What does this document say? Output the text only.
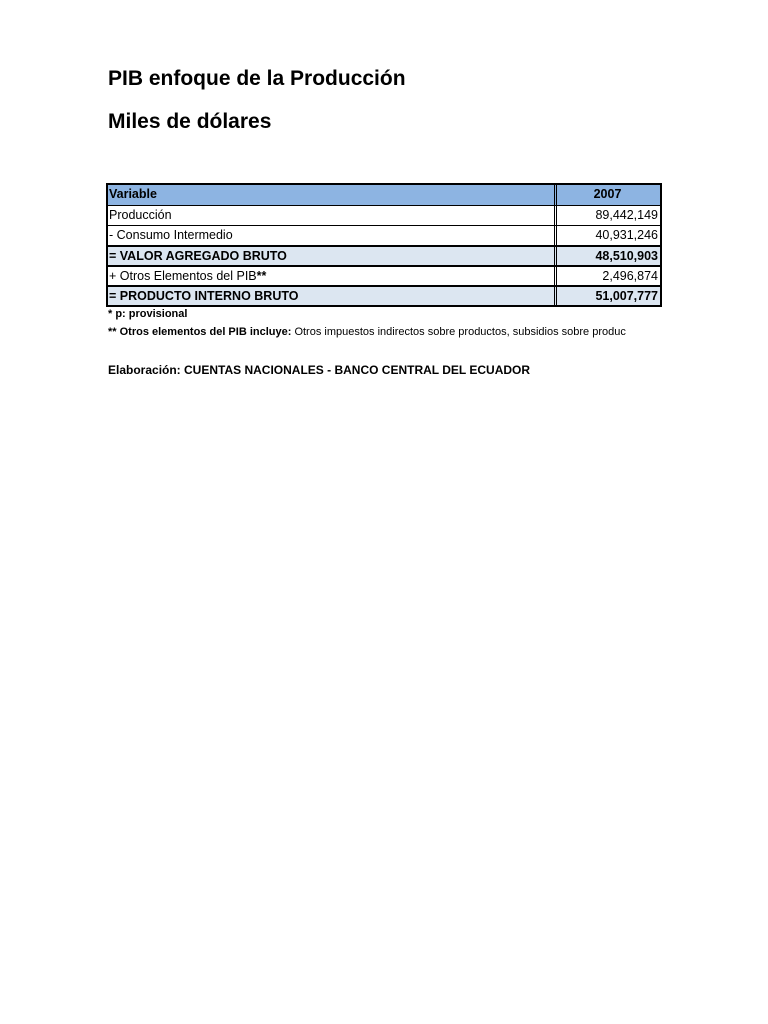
PIB enfoque de la Producción
Miles de dólares
Variable	2007
Producción	89,442,149
- Consumo Intermedio	40,931,246
= VALOR AGREGADO BRUTO	48,510,903
+ Otros Elementos del PIB**	2,496,874
= PRODUCTO INTERNO BRUTO	51,007,777
* p: provisional
** Otros elementos del PIB incluye: Otros impuestos indirectos sobre productos, subsidios sobre produc
Elaboración: CUENTAS NACIONALES - BANCO CENTRAL DEL ECUADOR
